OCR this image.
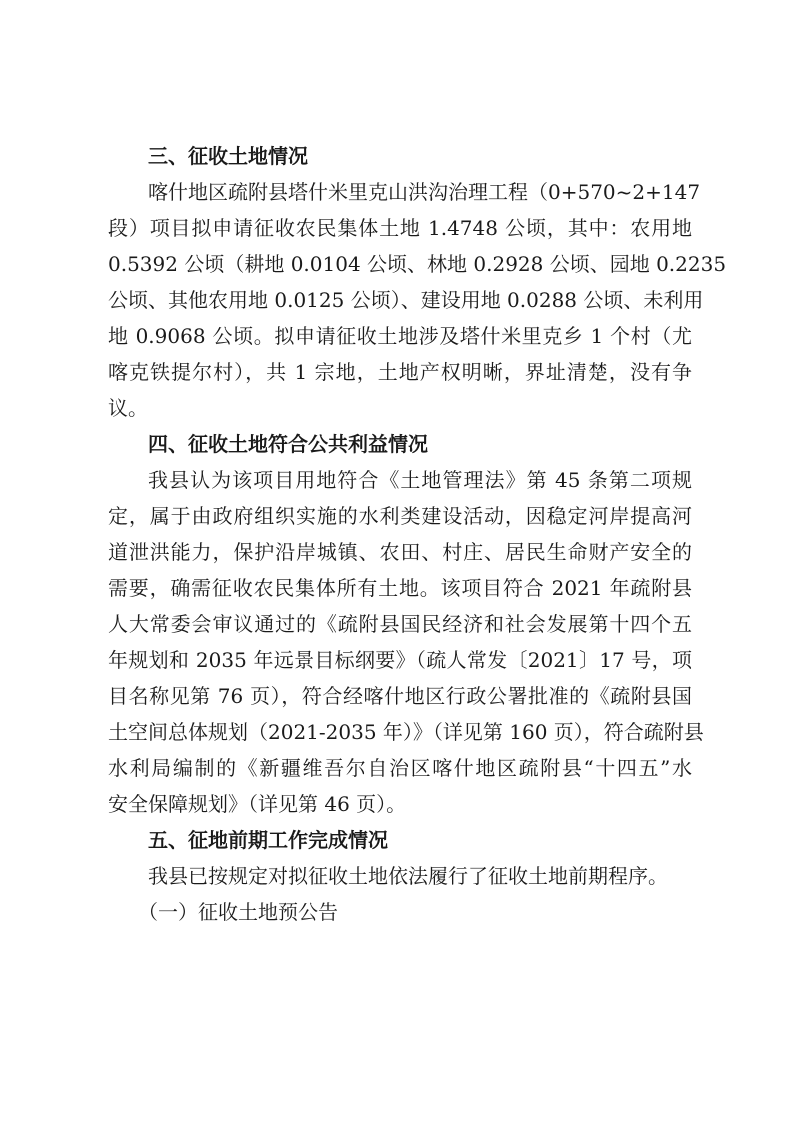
三、征收土地情况
喀什地区疏附县塔什米里克山洪沟治理工程（0+570~2+147
段）项目拟申请征收农民集体土地 1.4748 公顷，其中：农用地
0.5392 公顷（耕地 0.0104 公顷、林地 0.2928 公顷、园地 0.2235
公顷、其他农用地 0.0125 公顷）、建设用地 0.0288 公顷、未利用
地 0.9068 公顷。拟申请征收土地涉及塔什米里克乡 1 个村（尤
喀克铁提尔村），共 1 宗地，土地产权明晰，界址清楚，没有争
议。
四、征收土地符合公共利益情况
我县认为该项目用地符合《土地管理法》第 45 条第二项规
定，属于由政府组织实施的水利类建设活动，因稳定河岸提高河
道泄洪能力，保护沿岸城镇、农田、村庄、居民生命财产安全的
需要，确需征收农民集体所有土地。该项目符合 2021 年疏附县
人大常委会审议通过的《疏附县国民经济和社会发展第十四个五
年规划和 2035 年远景目标纲要》（疏人常发〔2021〕17 号，项
目名称见第 76 页），符合经喀什地区行政公署批准的《疏附县国
土空间总体规划（2021-2035 年）》（详见第 160 页），符合疏附县
水利局编制的《新疆维吾尔自治区喀什地区疏附县“十四五”水
安全保障规划》（详见第 46 页）。
五、征地前期工作完成情况
我县已按规定对拟征收土地依法履行了征收土地前期程序。

（一）征收土地预公告
